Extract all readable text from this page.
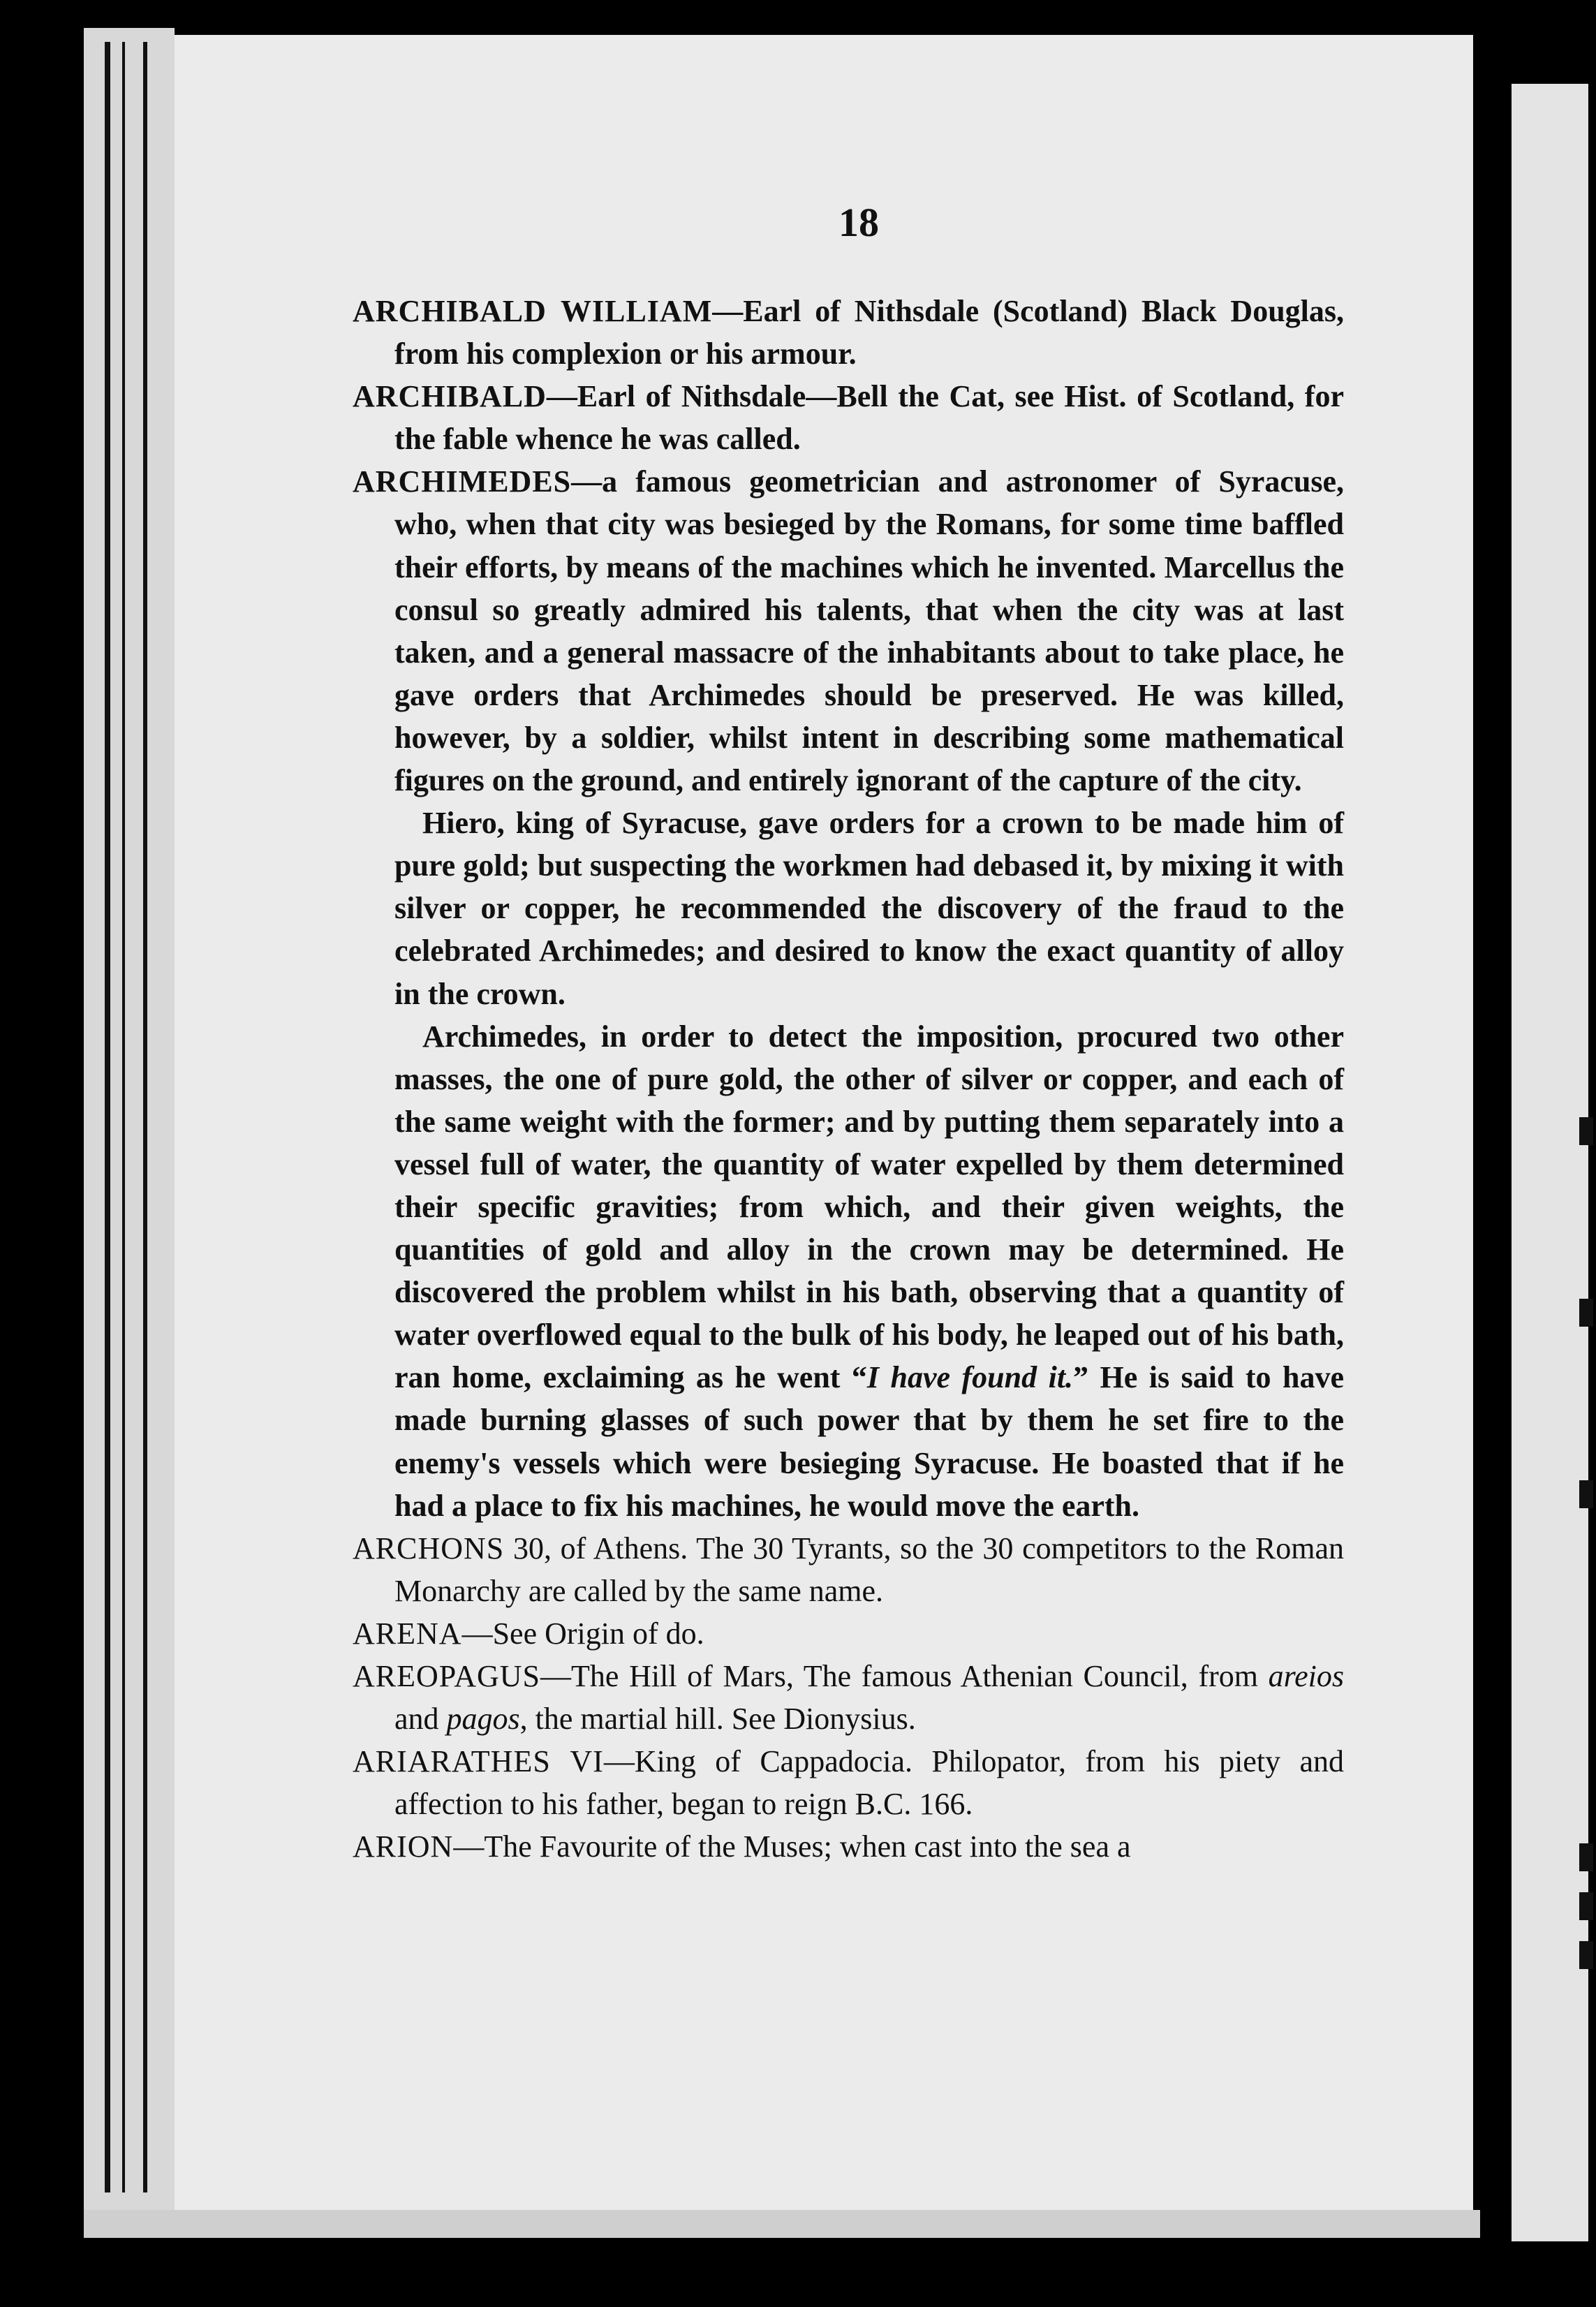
18

ARCHIBALD WILLIAM—Earl of Nithsdale (Scotland) Black Douglas, from his complexion or his armour.

ARCHIBALD—Earl of Nithsdale—Bell the Cat, see Hist. of Scotland, for the fable whence he was called.

ARCHIMEDES—a famous geometrician and astronomer of Syracuse, who, when that city was besieged by the Romans, for some time baffled their efforts, by means of the machines which he invented. Marcellus the consul so greatly admired his talents, that when the city was at last taken, and a general massacre of the inhabitants about to take place, he gave orders that Archimedes should be preserved. He was killed, however, by a soldier, whilst intent in describing some mathematical figures on the ground, and entirely ignorant of the capture of the city.

Hiero, king of Syracuse, gave orders for a crown to be made him of pure gold; but suspecting the workmen had debased it, by mixing it with silver or copper, he recommended the discovery of the fraud to the celebrated Archimedes; and desired to know the exact quantity of alloy in the crown.

Archimedes, in order to detect the imposition, procured two other masses, the one of pure gold, the other of silver or copper, and each of the same weight with the former; and by putting them separately into a vessel full of water, the quantity of water expelled by them determined their specific gravities; from which, and their given weights, the quantities of gold and alloy in the crown may be determined. He discovered the problem whilst in his bath, observing that a quantity of water overflowed equal to the bulk of his body, he leaped out of his bath, ran home, exclaiming as he went “I have found it.” He is said to have made burning glasses of such power that by them he set fire to the enemy's vessels which were besieging Syracuse. He boasted that if he had a place to fix his machines, he would move the earth.

ARCHONS 30, of Athens. The 30 Tyrants, so the 30 competitors to the Roman Monarchy are called by the same name.

ARENA—See Origin of do.

AREOPAGUS—The Hill of Mars, The famous Athenian Council, from areios and pagos, the martial hill. See Dionysius.

ARIARATHES VI—King of Cappadocia. Philopator, from his piety and affection to his father, began to reign B.C. 166.

ARION—The Favourite of the Muses; when cast into the sea a
